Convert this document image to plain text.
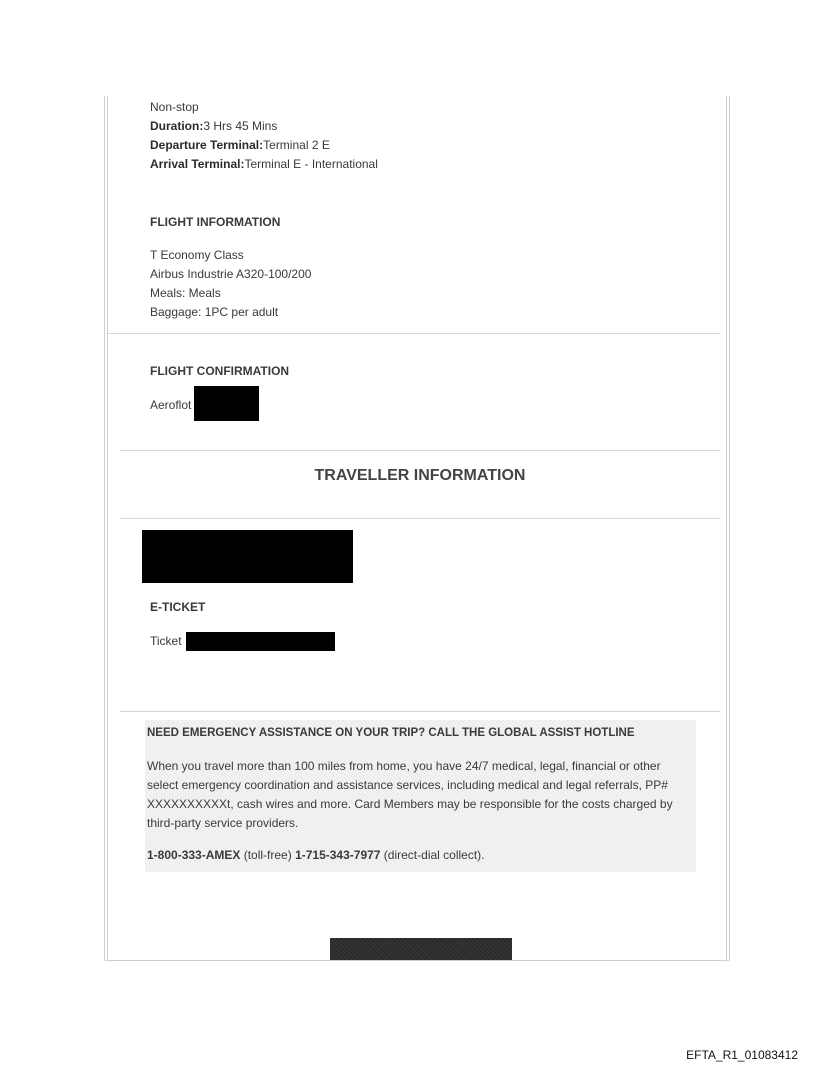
Non-stop
Duration:3 Hrs 45 Mins
Departure Terminal:Terminal 2 E
Arrival Terminal:Terminal E - International
FLIGHT INFORMATION
T Economy Class
Airbus Industrie A320-100/200
Meals: Meals
Baggage: 1PC per adult
FLIGHT CONFIRMATION
Aeroflot
TRAVELLER INFORMATION
E-TICKET
Ticket
NEED EMERGENCY ASSISTANCE ON YOUR TRIP? CALL THE GLOBAL ASSIST HOTLINE
When you travel more than 100 miles from home, you have 24/7 medical, legal, financial or other select emergency coordination and assistance services, including medical and legal referrals, PP# XXXXXXXXXXt, cash wires and more. Card Members may be responsible for the costs charged by third-party service providers.
1-800-333-AMEX (toll-free) 1-715-343-7977 (direct-dial collect).
EFTA_R1_01083412
